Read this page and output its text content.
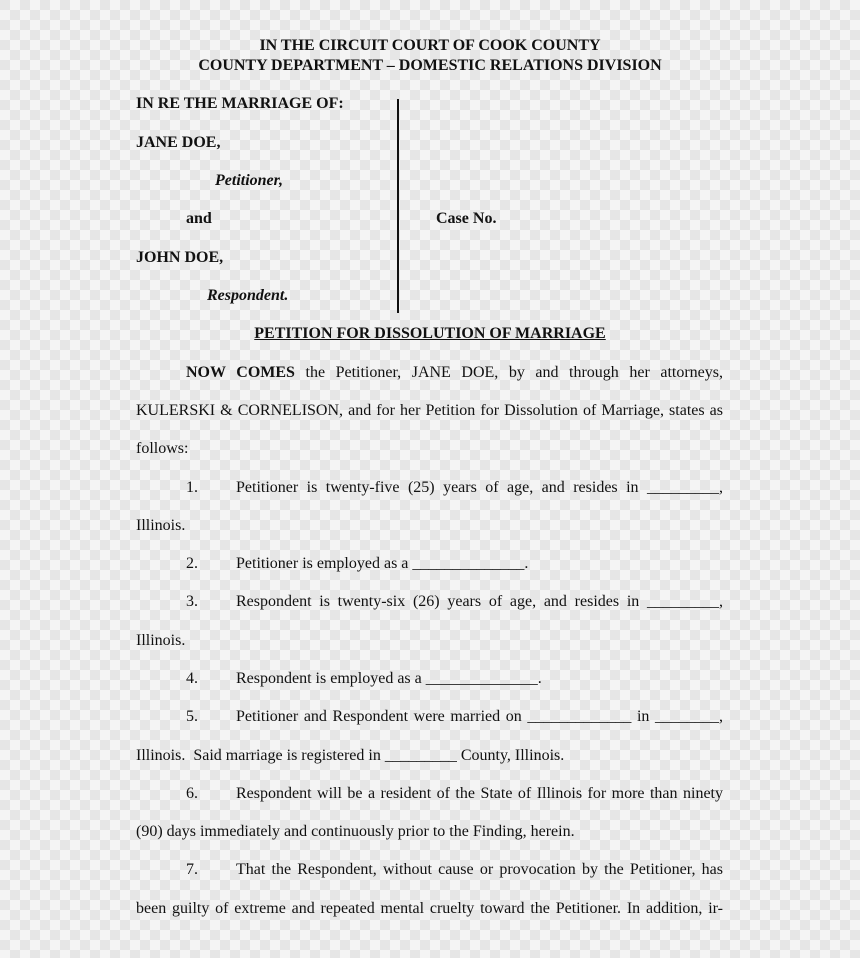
IN THE CIRCUIT COURT OF COOK COUNTY

COUNTY DEPARTMENT – DOMESTIC RELATIONS DIVISION

IN RE THE MARRIAGE OF:

JANE DOE,

Petitioner,

and

JOHN DOE,

Respondent.

Case No.

PETITION FOR DISSOLUTION OF MARRIAGE

NOW COMES the Petitioner, JANE DOE, by and through her attorneys,
KULERSKI & CORNELISON, and for her Petition for Dissolution of Marriage, states as

follows:

1. Petitioner is twenty-five (25) years of age, and resides in _________,

Illinois.

2. Petitioner is employed as a ______________.

3. Respondent is twenty-six (26) years of age, and resides in _________,

Illinois.

4. Respondent is employed as a ______________.

5. Petitioner and Respondent were married on _____________ in ________,

Illinois.  Said marriage is registered in _________ County, Illinois.

6. Respondent will be a resident of the State of Illinois for more than ninety

(90) days immediately and continuously prior to the Finding, herein.

7. That the Respondent, without cause or provocation by the Petitioner, has
been guilty of extreme and repeated mental cruelty toward the Petitioner. In addition, ir-
